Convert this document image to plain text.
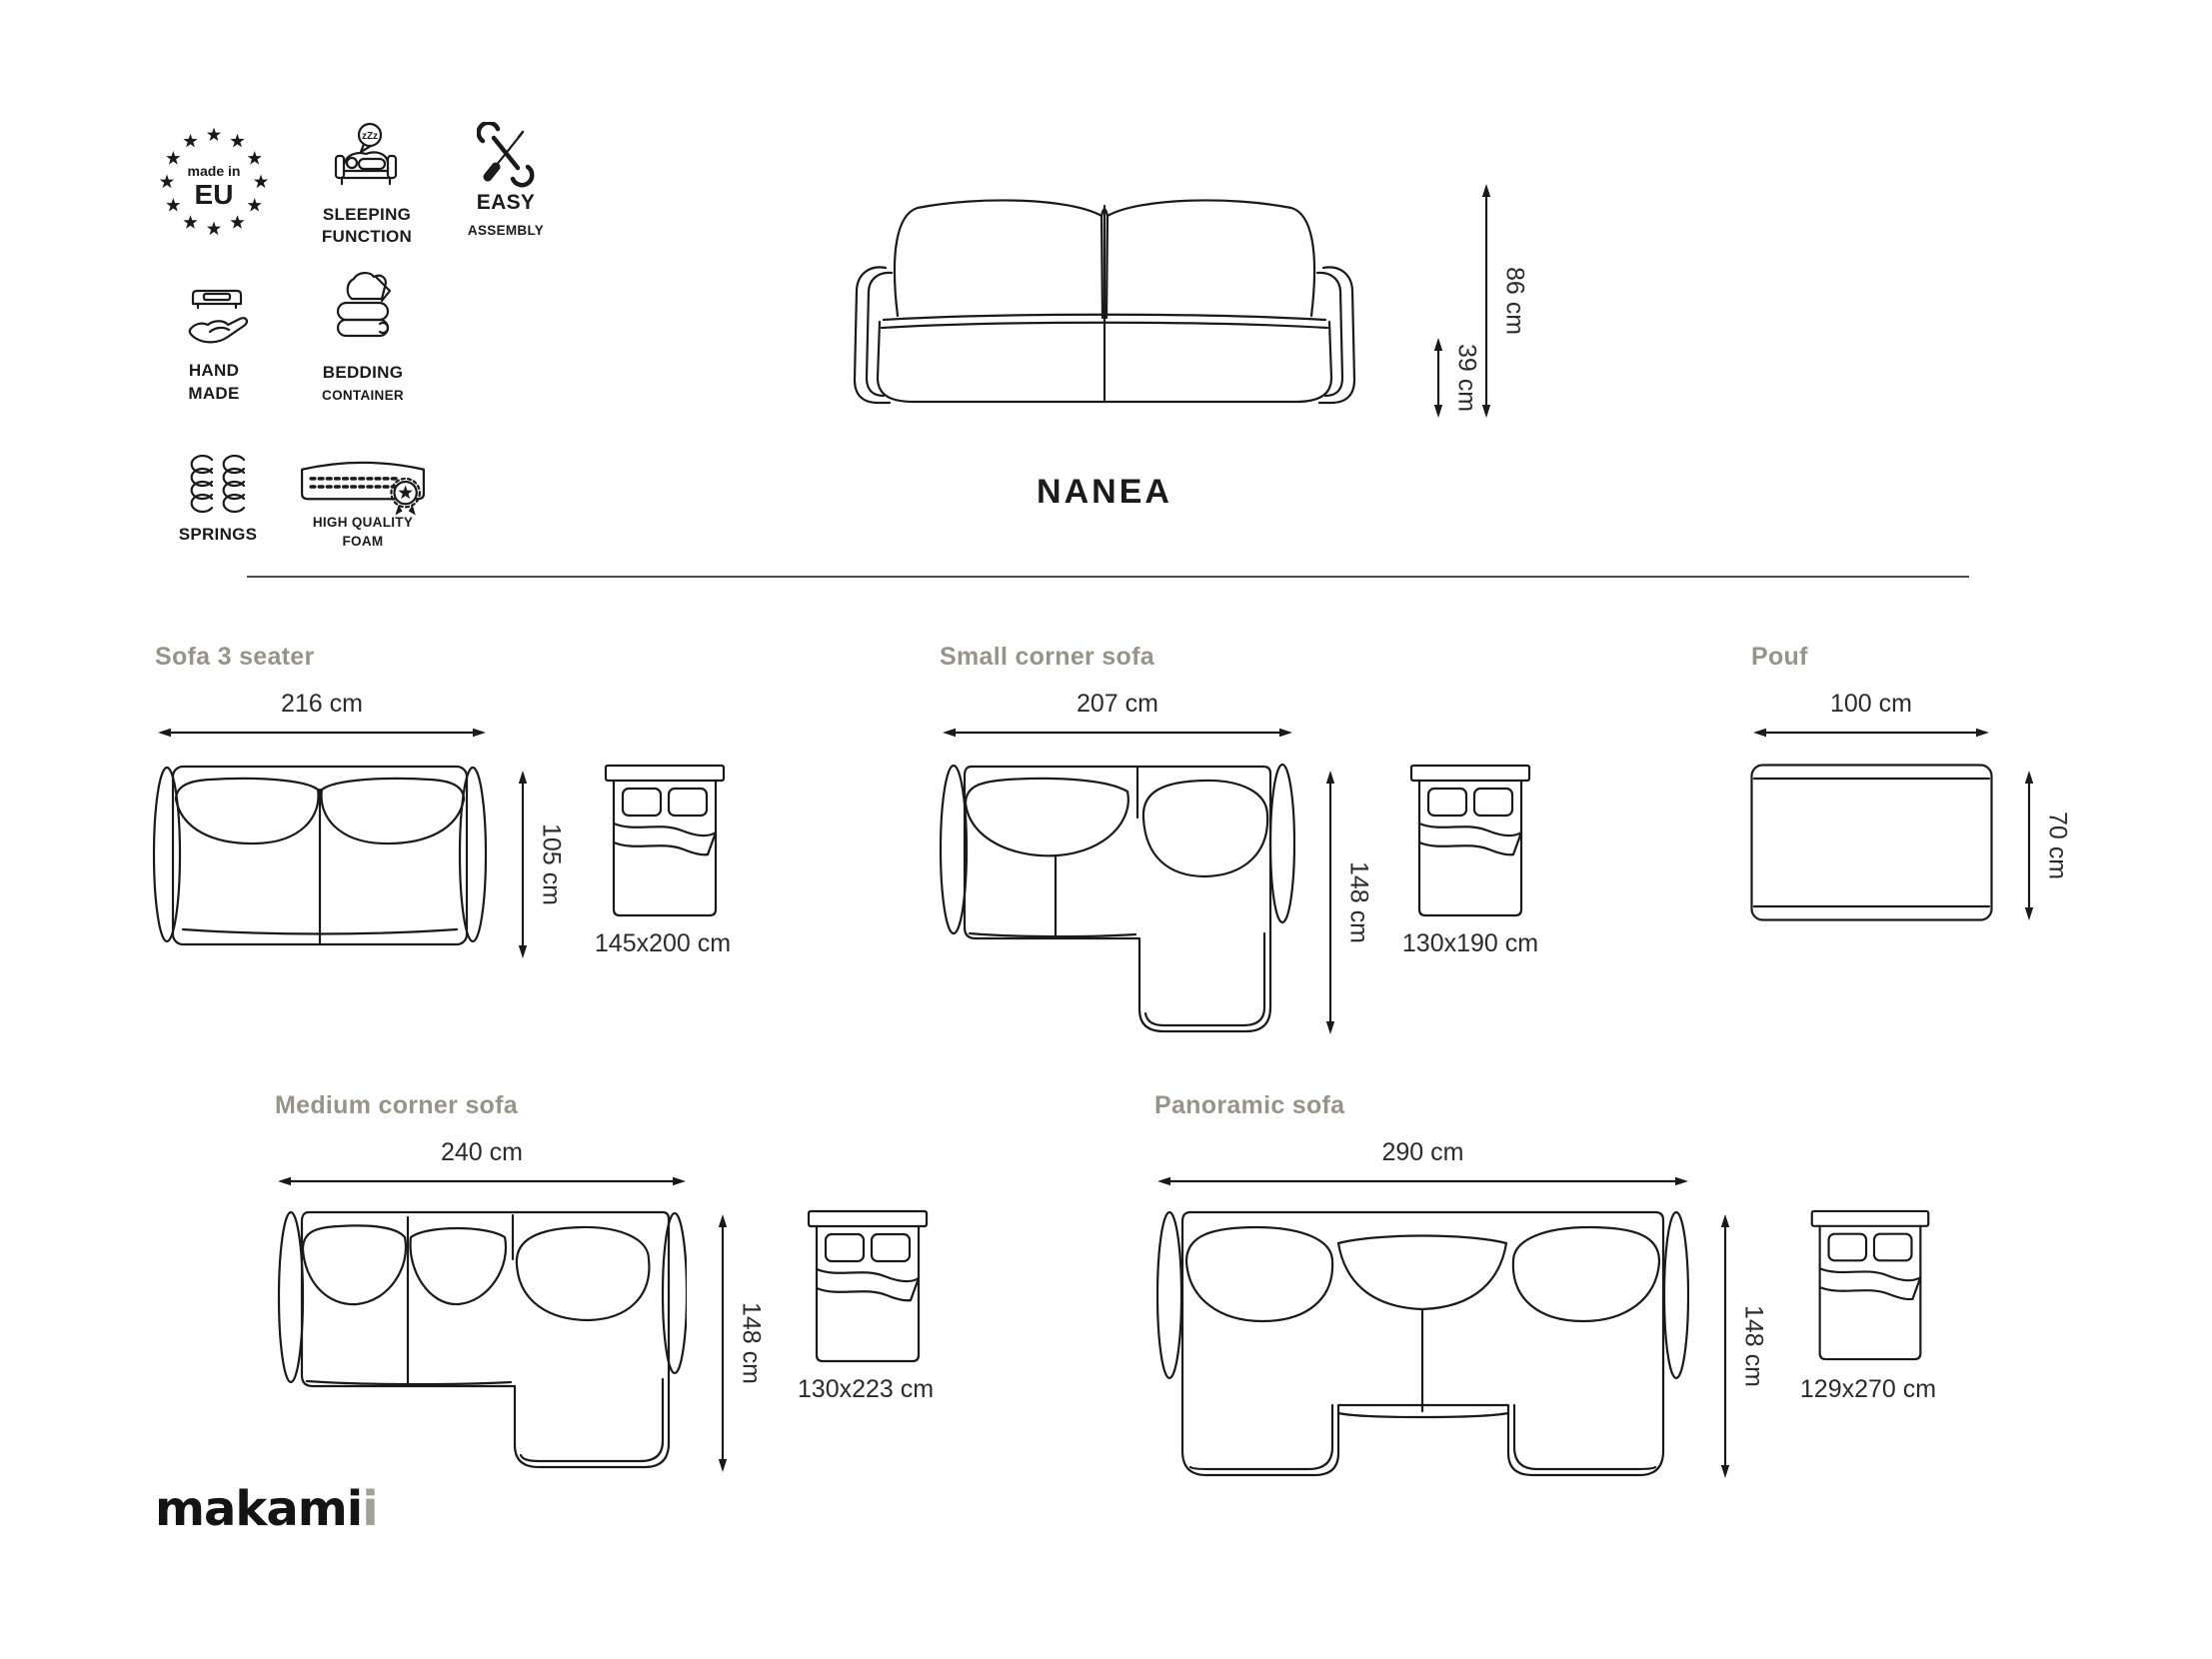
made in
EU
zZz
SLEEPING
FUNCTION
EASY
ASSEMBLY
HAND
MADE
BEDDING
CONTAINER
SPRINGS
HIGH QUALITY
FOAM
39 cm
86 cm
NANEA
Sofa 3 seater
216 cm
105 cm
145x200 cm
Small corner sofa
207 cm
148 cm
130x190 cm
Pouf
100 cm
70 cm
Medium corner sofa
240 cm
148 cm
130x223 cm
Panoramic sofa
290 cm
148 cm
129x270 cm
makamii
